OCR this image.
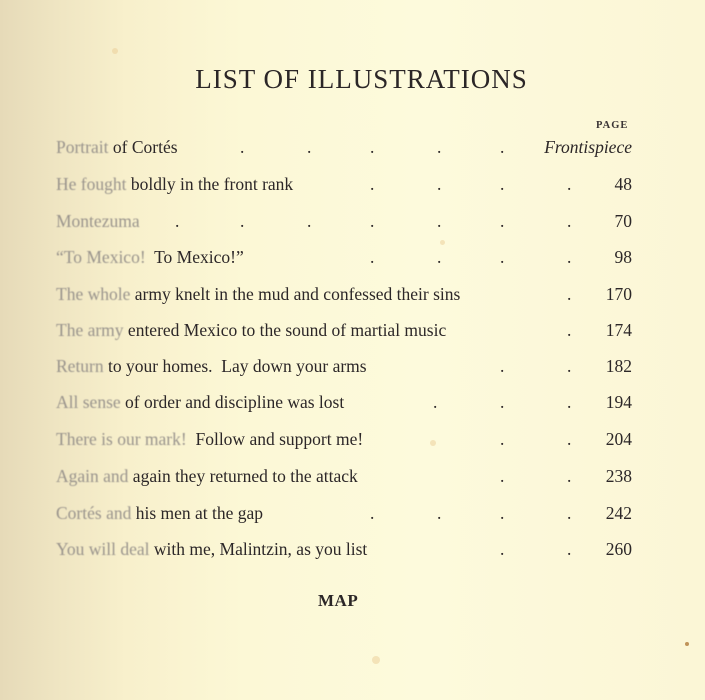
LIST OF ILLUSTRATIONS
PAGE
Portrait of Cortés	.	.	.	.	. Frontispiece
He fought boldly in the front rank	.	.	.	. 48
Montezuma .	.	.	.	.	.	. 70
“To Mexico!  To Mexico!”	.	.	.	. 98
The whole army knelt in the mud and confessed their sins	. 170
The army entered Mexico to the sound of martial music	. 174
Return to your homes.  Lay down your arms	.	. 182
All sense of order and discipline was lost	.	.	. 194
There is our mark!  Follow and support me!	.	. 204
Again and again they returned to the attack	.	. 238
Cortés and his men at the gap	.	.	.	. 242
You will deal with me, Malintzin, as you list	.	. 260
MAP
